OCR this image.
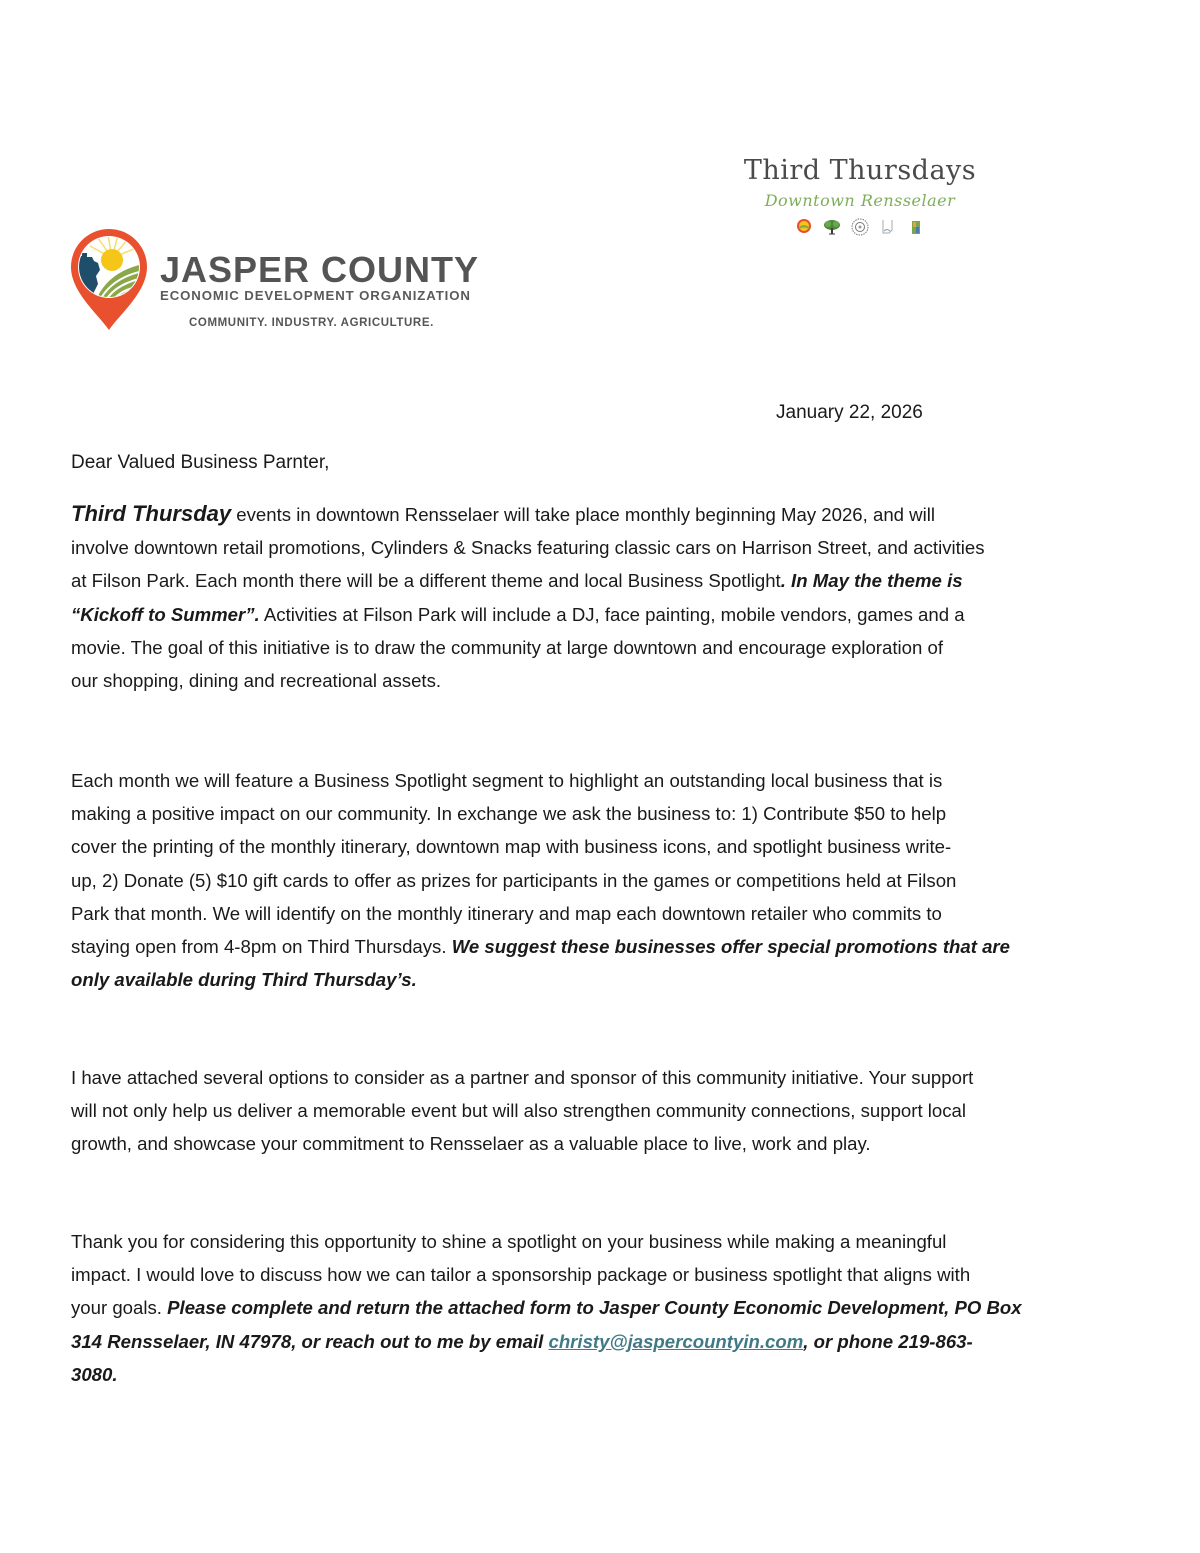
Third Thursdays
Downtown Rensselaer
JASPER COUNTY
ECONOMIC DEVELOPMENT ORGANIZATION
COMMUNITY. INDUSTRY. AGRICULTURE.
January 22, 2026
Dear Valued Business Parnter,
Third Thursday events in downtown Rensselaer will take place monthly beginning May 2026, and will
involve downtown retail promotions, Cylinders & Snacks featuring classic cars on Harrison Street, and activities
at Filson Park. Each month there will be a different theme and local Business Spotlight. In May the theme is
“Kickoff to Summer”. Activities at Filson Park will include a DJ, face painting, mobile vendors, games and a
movie. The goal of this initiative is to draw the community at large downtown and encourage exploration of
our shopping, dining and recreational assets.
Each month we will feature a Business Spotlight segment to highlight an outstanding local business that is
making a positive impact on our community. In exchange we ask the business to: 1) Contribute $50 to help
cover the printing of the monthly itinerary, downtown map with business icons, and spotlight business write-
up, 2) Donate (5) $10 gift cards to offer as prizes for participants in the games or competitions held at Filson
Park that month. We will identify on the monthly itinerary and map each downtown retailer who commits to
staying open from 4-8pm on Third Thursdays. We suggest these businesses offer special promotions that are
only available during Third Thursday’s.
I have attached several options to consider as a partner and sponsor of this community initiative. Your support
will not only help us deliver a memorable event but will also strengthen community connections, support local
growth, and showcase your commitment to Rensselaer as a valuable place to live, work and play.
Thank you for considering this opportunity to shine a spotlight on your business while making a meaningful
impact. I would love to discuss how we can tailor a sponsorship package or business spotlight that aligns with
your goals. Please complete and return the attached form to Jasper County Economic Development, PO Box
314 Rensselaer, IN 47978, or reach out to me by email christy@jaspercountyin.com, or phone 219-863-
3080.
